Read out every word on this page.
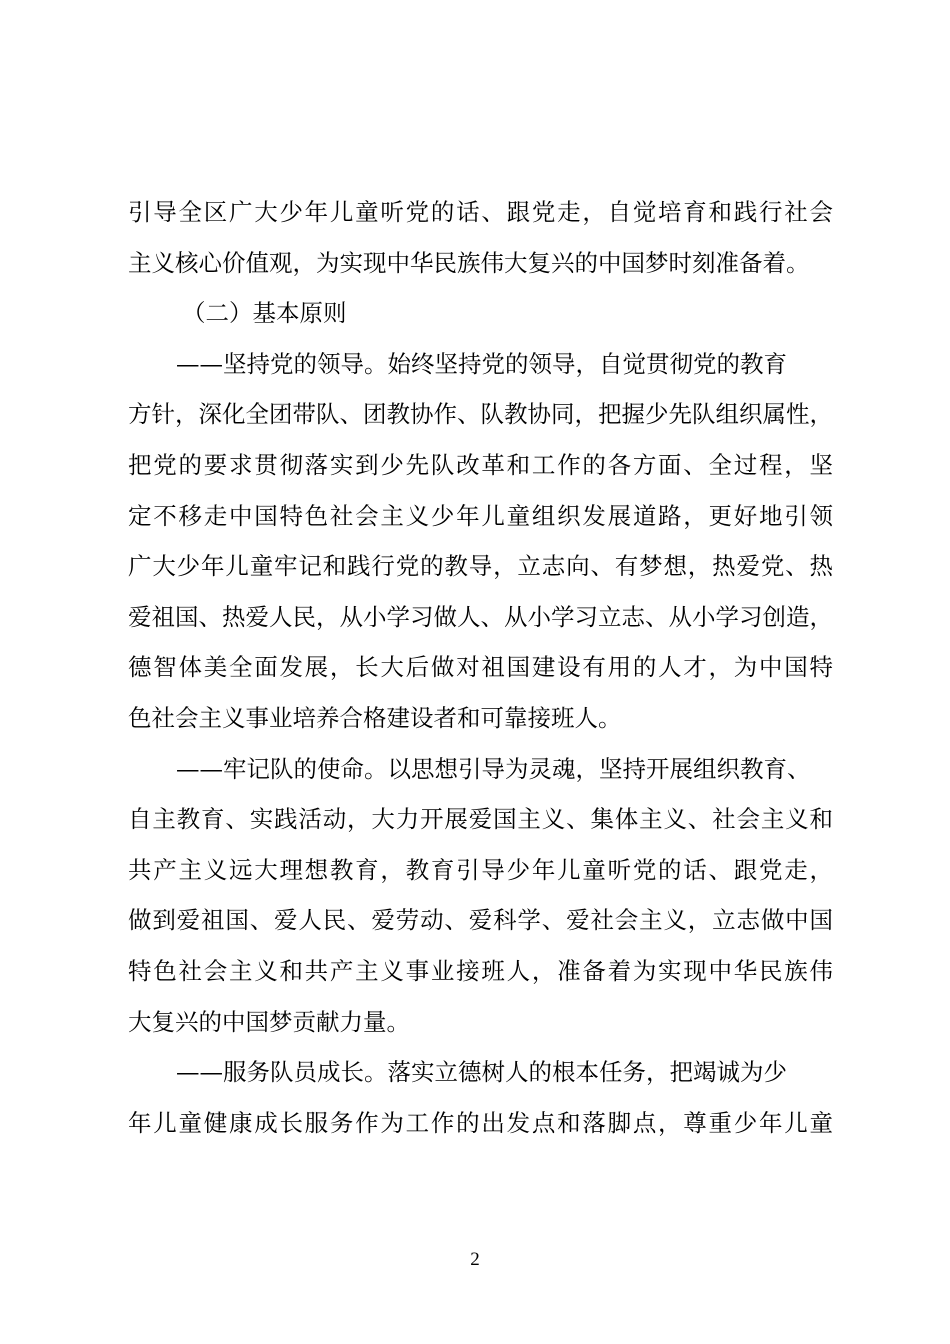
引导全区广大少年儿童听党的话、跟党走，自觉培育和践行社会
主义核心价值观，为实现中华民族伟大复兴的中国梦时刻准备着。
（二）基本原则
——坚持党的领导。始终坚持党的领导，自觉贯彻党的教育
方针，深化全团带队、团教协作、队教协同，把握少先队组织属性，
把党的要求贯彻落实到少先队改革和工作的各方面、全过程，坚
定不移走中国特色社会主义少年儿童组织发展道路，更好地引领
广大少年儿童牢记和践行党的教导，立志向、有梦想，热爱党、热
爱祖国、热爱人民，从小学习做人、从小学习立志、从小学习创造，
德智体美全面发展，长大后做对祖国建设有用的人才，为中国特
色社会主义事业培养合格建设者和可靠接班人。
——牢记队的使命。以思想引导为灵魂，坚持开展组织教育、
自主教育、实践活动，大力开展爱国主义、集体主义、社会主义和
共产主义远大理想教育，教育引导少年儿童听党的话、跟党走，
做到爱祖国、爱人民、爱劳动、爱科学、爱社会主义，立志做中国
特色社会主义和共产主义事业接班人，准备着为实现中华民族伟
大复兴的中国梦贡献力量。
——服务队员成长。落实立德树人的根本任务，把竭诚为少
年儿童健康成长服务作为工作的出发点和落脚点，尊重少年儿童
2
